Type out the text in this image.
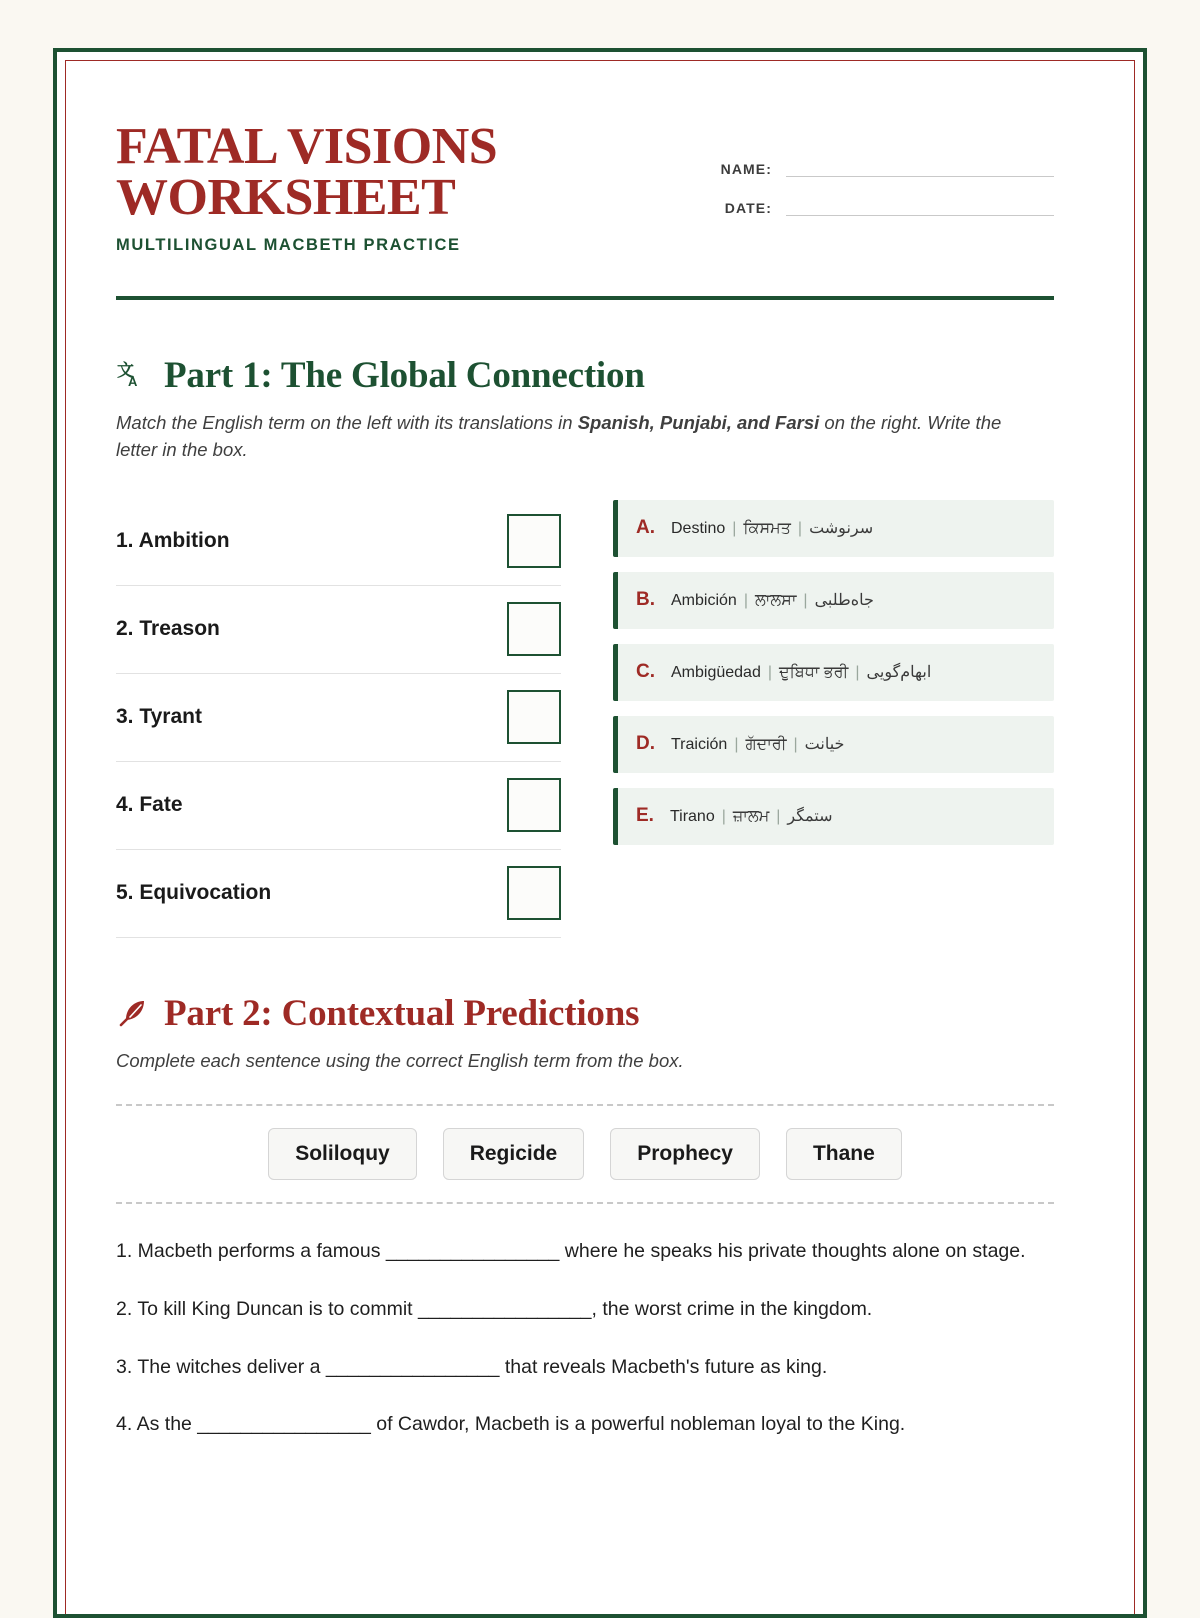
FATAL VISIONS WORKSHEET
MULTILINGUAL MACBETH PRACTICE
NAME:
DATE:
文
A Part 1: The Global Connection
Match the English term on the left with its translations in Spanish, Punjabi, and Farsi on the right. Write the letter in the box.
1. Ambition
2. Treason
3. Tyrant
4. Fate
5. Equivocation
A. Destino | ਕਿਸਮਤ | سرنوشت
B. Ambición | ਲਾਲਸਾ | جاه‌طلبی
C. Ambigüedad | ਦੁਬਿਧਾ ਭਰੀ | ابهام‌گویی
D. Traición | ਗੱਦਾਰੀ | خیانت
E. Tirano | ਜ਼ਾਲਮ | ستمگر
Part 2: Contextual Predictions
Complete each sentence using the correct English term from the box.
Soliloquy	Regicide	Prophecy	Thane
1. Macbeth performs a famous ________________ where he speaks his private thoughts alone on stage.
2. To kill King Duncan is to commit ________________, the worst crime in the kingdom.
3. The witches deliver a ________________ that reveals Macbeth's future as king.
4. As the ________________ of Cawdor, Macbeth is a powerful nobleman loyal to the King.
